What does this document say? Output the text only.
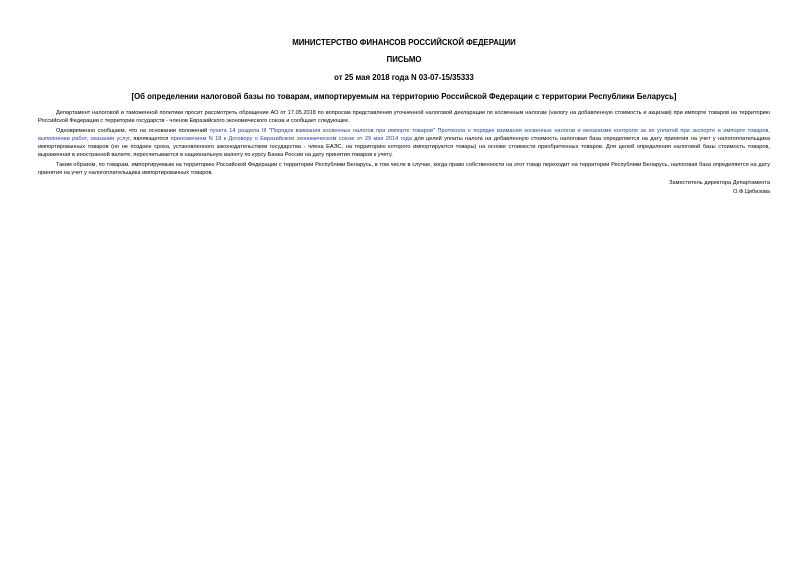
МИНИСТЕРСТВО ФИНАНСОВ РОССИЙСКОЙ ФЕДЕРАЦИИ
ПИСЬМО
от 25 мая 2018 года N 03-07-15/35333
[Об определении налоговой базы по товарам, импортируемым на территорию Российской Федерации с территории Республики Беларусь]

Департамент налоговой и таможенной политики просит рассмотреть обращение АО от 17.05.2018 по вопросам представления уточненной налоговой декларации по косвенным налогам (налогу на добавленную стоимость и акцизам) при импорте товаров на территорию Российской Федерации с территории государств - членов Евразийского экономического союза и сообщает следующее.

Одновременно сообщаем, что на основании положений пункта 14 раздела III "Порядок взимания косвенных налогов при импорте товаров" Протокола о порядке взимания косвенных налогов и механизме контроля за их уплатой при экспорте и импорте товаров, выполнении работ, оказании услуг, являющегося приложением N 18 к Договору о Евразийском экономическом союзе от 29 мая 2014 года для целей уплаты налога на добавленную стоимость налоговая база определяется на дату принятия на учет у налогоплательщика импортированных товаров (но не позднее срока, установленного законодательством государства - члена ЕАЭС, на территорию которого импортируются товары) на основе стоимости приобретенных товаров. Для целей определения налоговой базы стоимость товаров, выраженная в иностранной валюте, пересчитывается в национальную валюту по курсу Банка России на дату принятия товаров к учету.

Таким образом, по товарам, импортируемым на территорию Российской Федерации с территории Республики Беларусь, в том числе в случае, когда право собственности на этот товар переходит на территории Республики Беларусь, налоговая база определяется на дату принятия на учет у налогоплательщика импортированных товаров.

Заместитель директора Департамента
О.Ф.Цибизова
